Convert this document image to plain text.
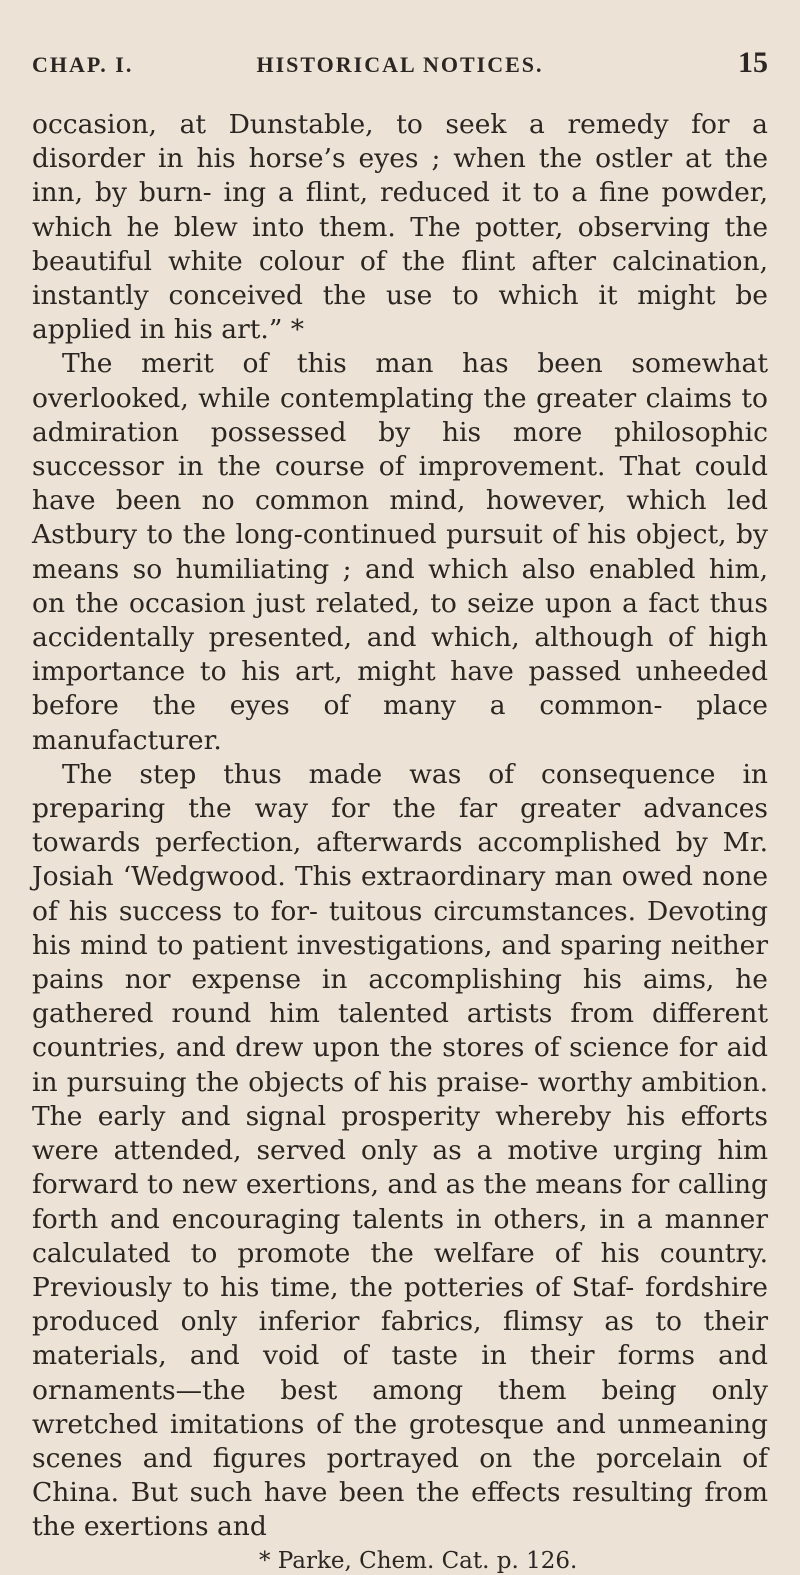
CHAP. I.	HISTORICAL NOTICES.	15

occasion, at Dunstable, to seek a remedy for a disorder in his horse’s eyes ; when the ostler at the inn, by burn- ing a flint, reduced it to a fine powder, which he blew into them. The potter, observing the beautiful white colour of the flint after calcination, instantly conceived the use to which it might be applied in his art.” *

The merit of this man has been somewhat overlooked, while contemplating the greater claims to admiration possessed by his more philosophic successor in the course of improvement. That could have been no common mind, however, which led Astbury to the long-continued pursuit of his object, by means so humiliating ; and which also enabled him, on the occasion just related, to seize upon a fact thus accidentally presented, and which, although of high importance to his art, might have passed unheeded before the eyes of many a common- place manufacturer.

The step thus made was of consequence in preparing the way for the far greater advances towards perfection, afterwards accomplished by Mr. Josiah ‘Wedgwood. This extraordinary man owed none of his success to for- tuitous circumstances. Devoting his mind to patient investigations, and sparing neither pains nor expense in accomplishing his aims, he gathered round him talented artists from different countries, and drew upon the stores of science for aid in pursuing the objects of his praise- worthy ambition. The early and signal prosperity whereby his efforts were attended, served only as a motive urging him forward to new exertions, and as the means for calling forth and encouraging talents in others, in a manner calculated to promote the welfare of his country. Previously to his time, the potteries of Staf- fordshire produced only inferior fabrics, flimsy as to their materials, and void of taste in their forms and ornaments—the best among them being only wretched imitations of the grotesque and unmeaning scenes and figures portrayed on the porcelain of China. But such have been the effects resulting from the exertions and

* Parke, Chem. Cat. p. 126.
